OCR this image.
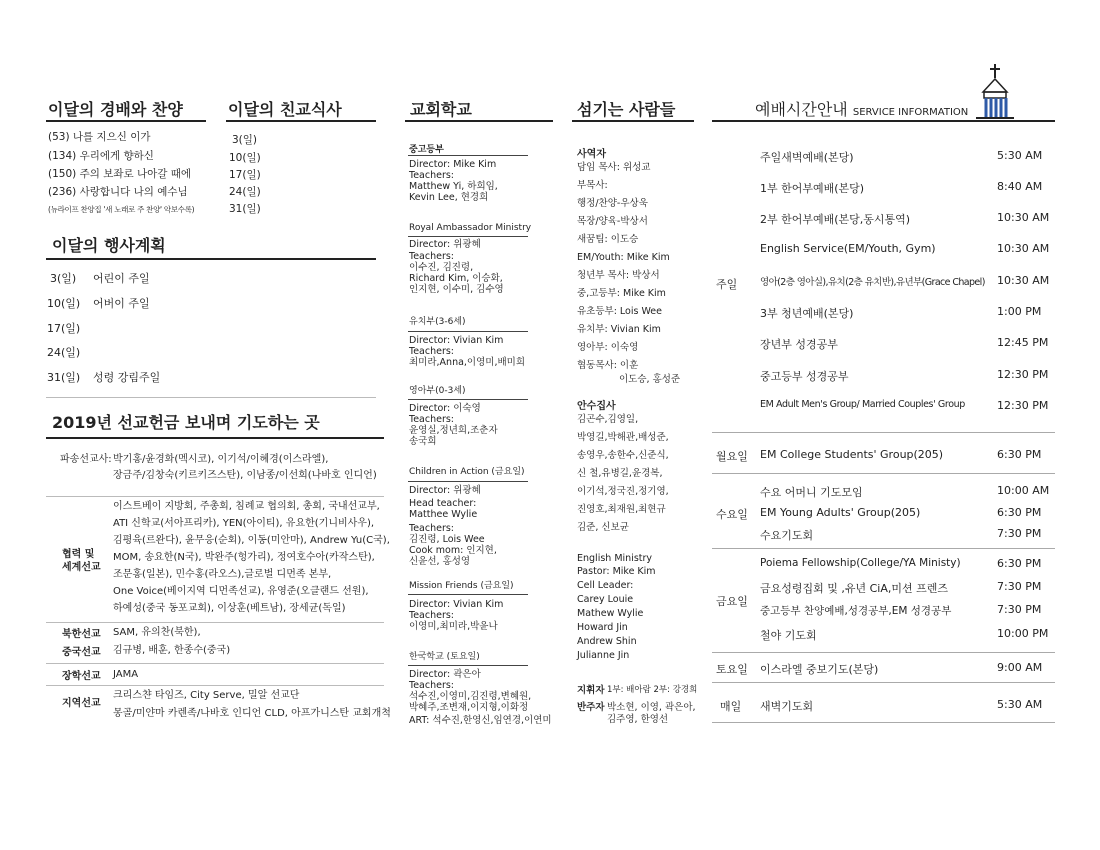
이달의 경배와 찬양
(53) 나를 지으신 이가
(134) 우리에게 향하신
(150) 주의 보좌로 나아갈 때에
(236) 사랑합니다 나의 예수님
(뉴라이프 찬양집 '새 노래로 주 찬양' 악보수록)
이달의 친교식사
3(일)
10(일)
17(일)
24(일)
31(일)
이달의 행사계획
3(일) 어린이 주일
10(일) 어버이 주일
17(일)
24(일)
31(일) 성령 강림주일
2019년 선교헌금 보내며 기도하는 곳
파송선교사: 박기홍/윤경화(멕시코), 이기석/이혜경(이스라엘),
장금주/김창숙(키르키즈스탄), 이남종/이선희(나바호 인디언)
협력 및
세계선교
이스트베이 지방회, 주총회, 침례교 협의회, 총회, 국내선교부,
ATI 신학교(서아프리카), YEN(아이티), 유요한(기니비사우),
김평육(르완다), 윤무응(순회), 이동(미안마), Andrew Yu(C국),
MOM, 송요한(N국), 박완주(헝가리), 정여호수아(카작스탄),
조문홍(일본), 민수홍(라오스),글로벌 디먼족 본부,
One Voice(베이지역 디먼족선교), 유영준(오클랜드 선원),
하예성(중국 동포교회), 이상훈(베트남), 장세균(독일)
북한선교 SAM, 유의찬(북한),
중국선교 김규병, 배훈, 한종수(중국)
장학선교 JAMA
지역선교
크리스챤 타임즈, City Serve, 밀알 선교단
몽골/미얀마 카렌족/나바호 인디언 CLD, 아프가니스탄 교회개척
교회학교
중고등부
Director: Mike Kim
Teachers:
Matthew Yi, 하희임,
Kevin Lee, 현경희
Royal Ambassador Ministry
Director: 위광혜
Teachers:
이수진, 김진령,
Richard Kim, 이승화,
인지현, 이수미, 김수영
유치부(3-6세)
Director: Vivian Kim
Teachers:
최미라,Anna,이영미,배미희
영아부(0-3세)
Director: 이숙영
Teachers:
윤영실,정년희,조춘자
송국희
Children in Action (금요일)
Director: 위광혜
Head teacher:
Matthee Wylie
Teachers:
김진령, Lois Wee
Cook mom: 인지현,
신윤선, 홍성영
Mission Friends (금요일)
Director: Vivian Kim
Teachers:
이영미,최미라,박윤나
한국학교 (토요일)
Director: 곽은아
Teachers:
석수진,이영미,김진령,변혜원,
박혜주,조변재,이지형,이화정
ART: 석수진,한영신,임연경,이연미
섬기는 사람들
사역자
담임 목사: 위성교
부목사:
행정/찬양-우상욱
목장/양육-박상서
새꿈팀: 이도승
EM/Youth: Mike Kim
청년부 목사: 박상서
중,고등부: Mike Kim
유초등부: Lois Wee
유치부: Vivian Kim
영아부: 이숙영
협동목사: 이훈
이도승, 홍성준
안수집사
김곤수,김영일,
박영길,박해관,배성준,
송영우,송한수,신준식,
신 철,유병길,윤경복,
이기석,정국진,정기영,
진영호,최재원,최현규
김준, 신보균
English Ministry
Pastor: Mike Kim
Cell Leader:
Carey Louie
Mathew Wylie
Howard Jin
Andrew Shin
Julianne Jin
지휘자 1부: 배아람 2부: 강경희
반주자 박소현, 이영, 곽은아,
김주영, 한영선
예배시간안내 SERVICE INFORMATION
주일
주일새벽예배(본당)	5:30 AM
1부 한어부예배(본당)	8:40 AM
2부 한어부예배(본당,동시통역)	10:30 AM
English Service(EM/Youth, Gym)	10:30 AM
영아(2층 영아실),유치(2층 유치반),유년부(Grace Chapel) 10:30 AM
3부 청년예배(본당)	1:00 PM
장년부 성경공부	12:45 PM
중고등부 성경공부	12:30 PM
EM Adult Men's Group/ Married Couples' Group	12:30 PM
월요일 EM College Students' Group(205)	6:30 PM
수요일
수요 어머니 기도모임	10:00 AM
EM Young Adults' Group(205)	6:30 PM
수요기도회	7:30 PM
금요일
Poiema Fellowship(College/YA Ministy)	6:30 PM
금요성령집회 및 ,유년 CiA,미션 프렌즈	7:30 PM
중고등부 찬양예배,성경공부,EM 성경공부	7:30 PM
철야 기도회	10:00 PM
토요일 이스라엘 중보기도(본당)	9:00 AM
매일 새벽기도회	5:30 AM
